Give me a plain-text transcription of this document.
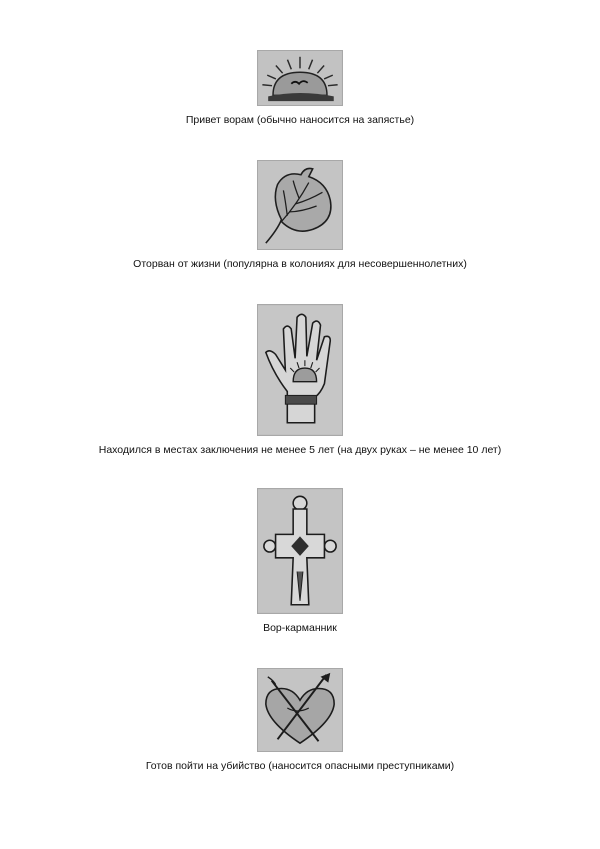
Привет ворам (обычно наносится на запястье)
Оторван от жизни (популярна в колониях для несовершеннолетних)
Находился в местах заключения не менее 5 лет (на двух руках – не менее 10 лет)
Вор-карманник
Готов пойти на убийство (наносится опасными преступниками)
